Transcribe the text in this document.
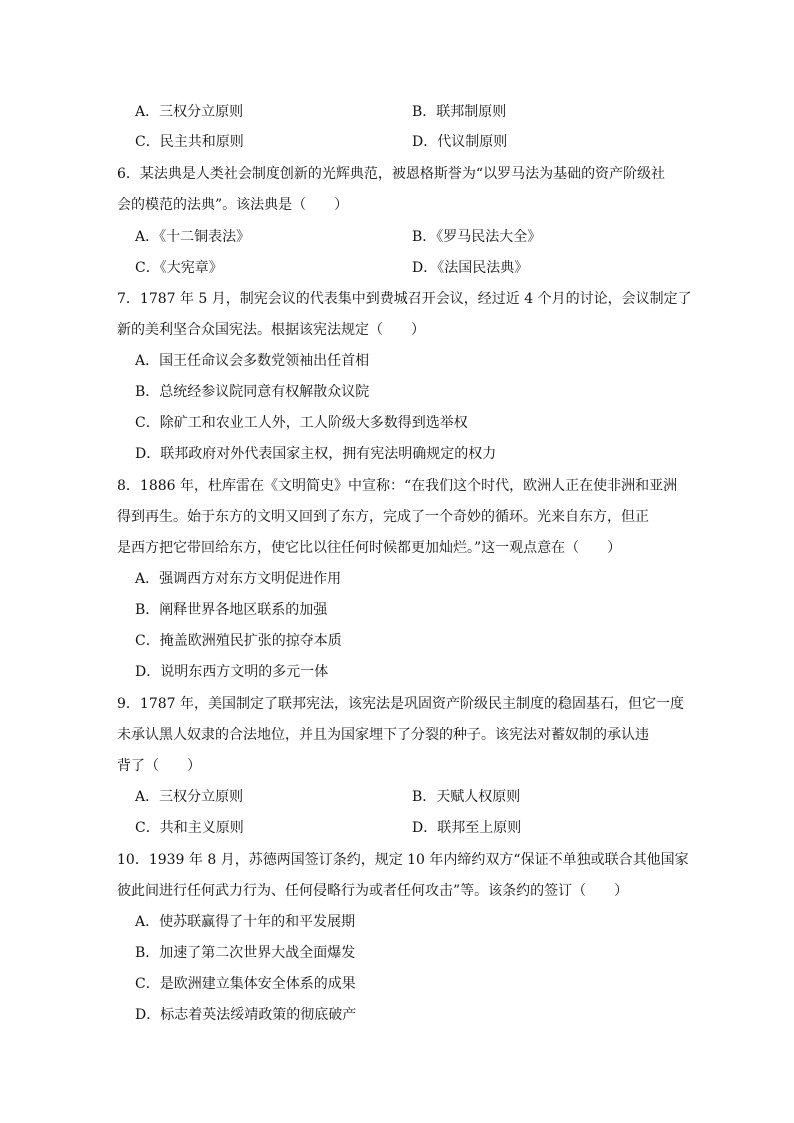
A．三权分立原则	B．联邦制原则
C．民主共和原则	D．代议制原则
6．某法典是人类社会制度创新的光辉典范，被恩格斯誉为“以罗马法为基础的资产阶级社
会的模范的法典”。该法典是（　　）
A．《十二铜表法》	B．《罗马民法大全》
C．《大宪章》	D．《法国民法典》
7．1787 年 5 月，制宪会议的代表集中到费城召开会议，经过近 4 个月的讨论，会议制定了
新的美利坚合众国宪法。根据该宪法规定（　　）
A．国王任命议会多数党领袖出任首相
B．总统经参议院同意有权解散众议院
C．除矿工和农业工人外，工人阶级大多数得到选举权
D．联邦政府对外代表国家主权，拥有宪法明确规定的权力
8．1886 年，杜库雷在《文明简史》中宣称：“在我们这个时代，欧洲人正在使非洲和亚洲
得到再生。始于东方的文明又回到了东方，完成了一个奇妙的循环。光来自东方，但正
是西方把它带回给东方，使它比以往任何时候都更加灿烂。”这一观点意在（　　）
A．强调西方对东方文明促进作用
B．阐释世界各地区联系的加强
C．掩盖欧洲殖民扩张的掠夺本质
D．说明东西方文明的多元一体
9．1787 年，美国制定了联邦宪法，该宪法是巩固资产阶级民主制度的稳固基石，但它一度
未承认黑人奴隶的合法地位，并且为国家埋下了分裂的种子。该宪法对蓄奴制的承认违
背了（　　）
A．三权分立原则	B．天赋人权原则
C．共和主义原则	D．联邦至上原则
10．1939 年 8 月，苏德两国签订条约，规定 10 年内缔约双方“保证不单独或联合其他国家
彼此间进行任何武力行为、任何侵略行为或者任何攻击”等。该条约的签订（　　）
A．使苏联赢得了十年的和平发展期
B．加速了第二次世界大战全面爆发
C．是欧洲建立集体安全体系的成果
D．标志着英法绥靖政策的彻底破产
